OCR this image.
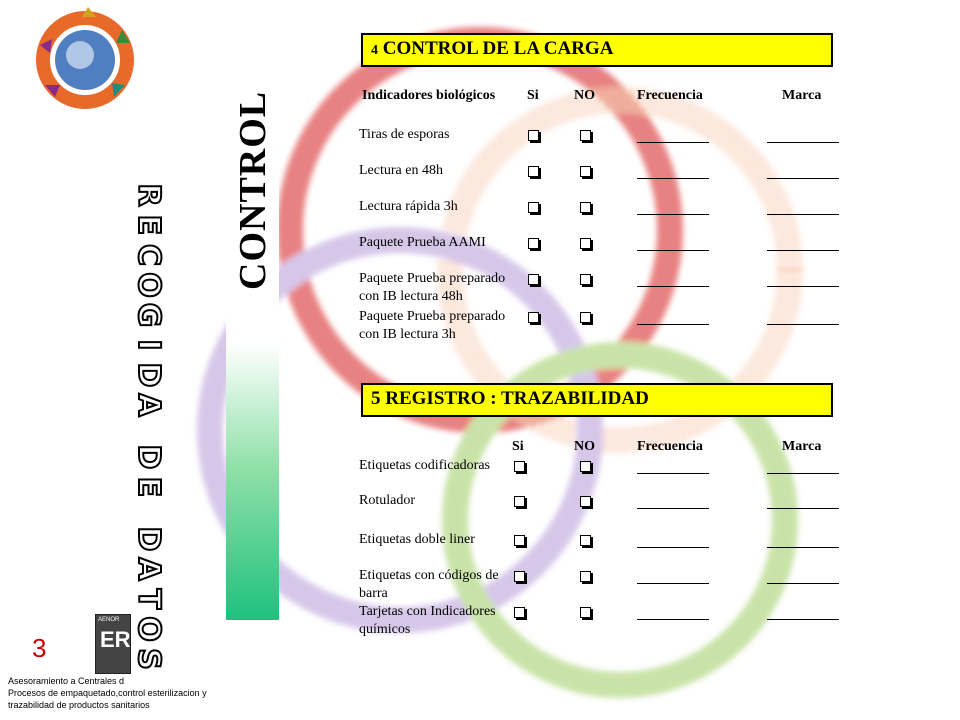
CONTROL
R
E
C
O
G
I
D
A
D
E
D
A
T
O
S
4 CONTROL DE LA CARGA
Indicadores biológicos Si	NO	Frecuencia	Marca
Tiras de esporas
Lectura en 48h
Lectura rápida 3h
Paquete Prueba AAMI
Paquete Prueba preparado con IB lectura 48h
Paquete Prueba preparado con IB lectura 3h
5 REGISTRO : TRAZABILIDAD
Si	NO	Frecuencia	Marca
Etiquetas codificadoras
Rotulador
Etiquetas doble liner
Etiquetas con códigos de barra
Tarjetas con Indicadores químicos
3
AENOR
ER
Asesoramiento a Centrales d
Procesos de empaquetado,control esterilizacion y
trazabilidad de productos sanitarios
